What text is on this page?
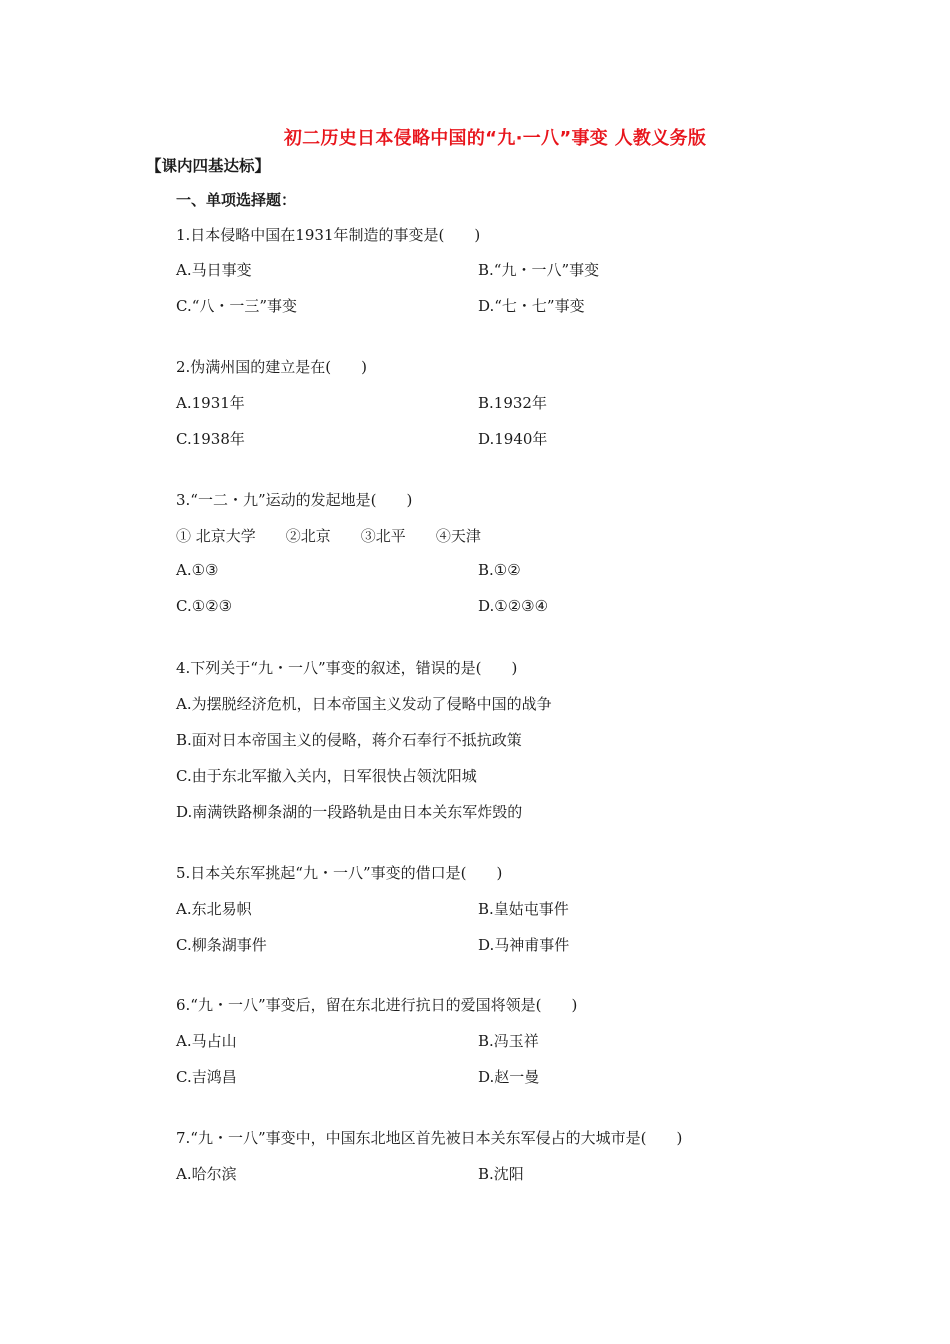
初二历史日本侵略中国的“九·一八”事变 人教义务版
【课内四基达标】
一、单项选择题：
1.日本侵略中国在1931年制造的事变是(　　)
A.马日事变	B.“九・一八”事变
C.“八・一三”事变	D.“七・七”事变
2.伪满州国的建立是在(　　)
A.1931年	B.1932年
C.1938年	D.1940年
3.“一二・九”运动的发起地是(　　)
① 北京大学 ②北京 ③北平 ④天津
A.①③	B.①②
C.①②③	D.①②③④
4.下列关于“九・一八”事变的叙述，错误的是(　　)
A.为摆脱经济危机，日本帝国主义发动了侵略中国的战争
B.面对日本帝国主义的侵略，蒋介石奉行不抵抗政策
C.由于东北军撤入关内，日军很快占领沈阳城
D.南满铁路柳条湖的一段路轨是由日本关东军炸毁的
5.日本关东军挑起“九・一八”事变的借口是(　　)
A.东北易帜	B.皇姑屯事件
C.柳条湖事件	D.马神甫事件
6.“九・一八”事变后，留在东北进行抗日的爱国将领是(　　)
A.马占山	B.冯玉祥
C.吉鸿昌	D.赵一曼
7.“九・一八”事变中，中国东北地区首先被日本关东军侵占的大城市是(　　)
A.哈尔滨	B.沈阳
